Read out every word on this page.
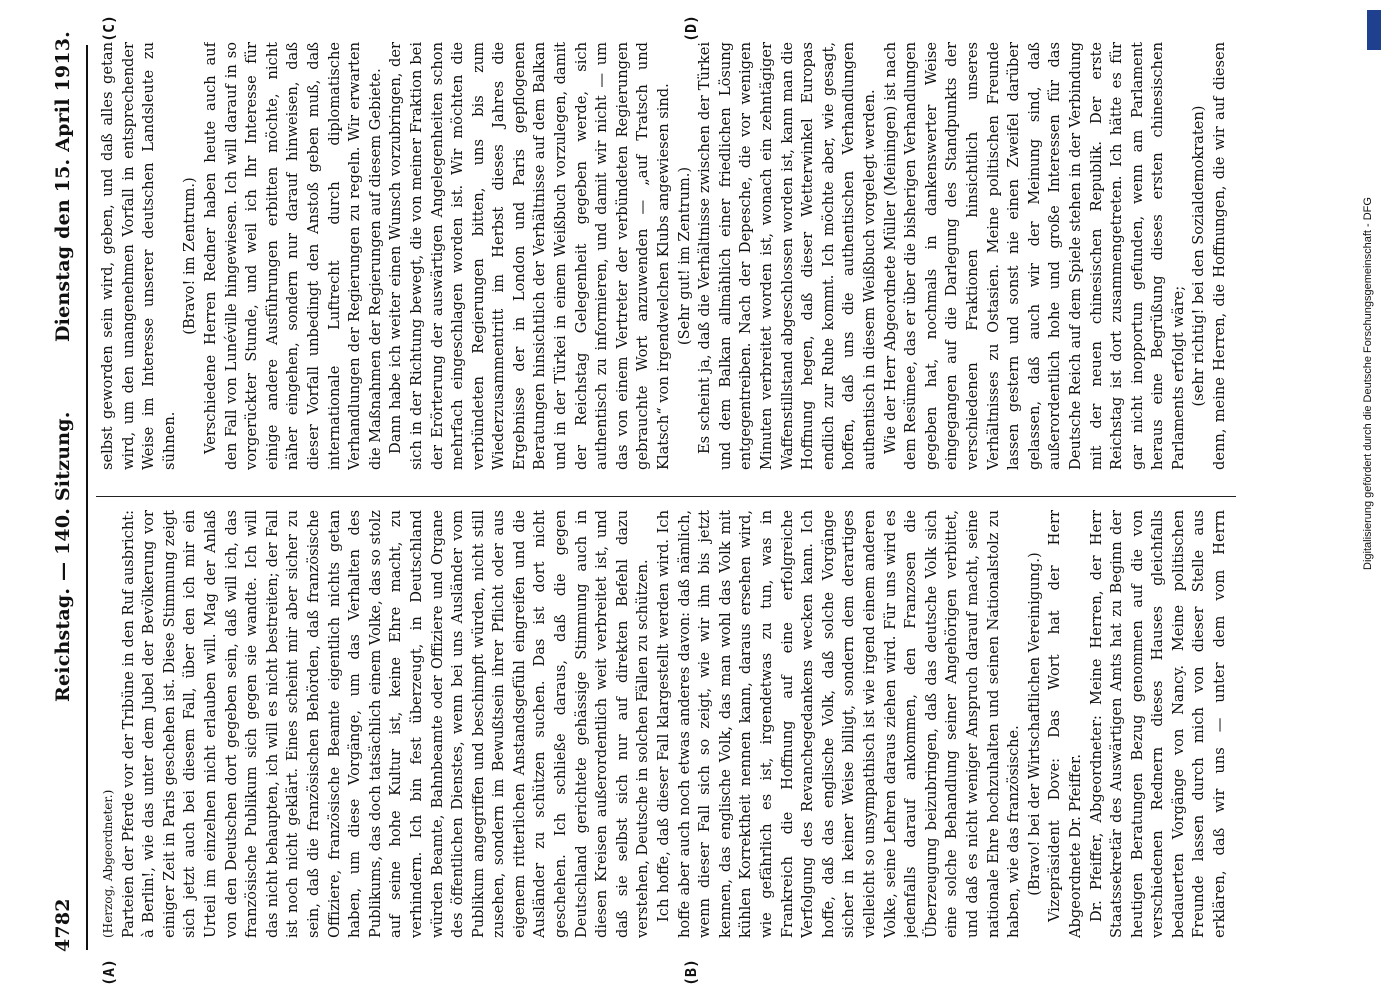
4782
Reichstag. — 140. Sitzung.
Dienstag den 15. April 1913.
(A)	(B)
(C)	(D)

(Herzog, Abgeordneter.) Parteien der Pferde vor der Tribüne in den Ruf ausbricht: à Berlin!, wie das unter dem Jubel der Bevölkerung vor einiger Zeit in Paris geschehen ist. Diese Stimmung zeigt sich jetzt auch bei diesem Fall, über den ich mir ein Urteil im einzelnen nicht erlauben will. Mag der Anlaß von den Deutschen dort gegeben sein, daß will ich, das französische Publikum sich gegen sie wandte. Ich will das nicht behaupten, ich will es nicht bestreiten; der Fall ist noch nicht geklärt. Eines scheint mir aber sicher zu sein, daß die französischen Behörden, daß französische Offiziere, französische Beamte eigentlich nichts getan haben, um diese Vorgänge, um das Verhalten des Publikums, das doch tatsächlich einem Volke, das so stolz auf seine hohe Kultur ist, keine Ehre macht, zu verhindern. Ich bin fest überzeugt, in Deutschland würden Beamte, Bahnbeamte oder Offiziere und Organe des öffentlichen Dienstes, wenn bei uns Ausländer vom Publikum angegriffen und beschimpft würden, nicht still zusehen, sondern im Bewußtsein ihrer Pflicht oder aus eigenem ritterlichen Anstandsgefühl eingreifen und die Ausländer zu schützen suchen. Das ist dort nicht geschehen. Ich schließe daraus, daß die gegen Deutschland gerichtete gehässige Stimmung auch in diesen Kreisen außerordentlich weit verbreitet ist, und daß sie selbst sich nur auf direkten Befehl dazu verstehen, Deutsche in solchen Fällen zu schützen. Ich hoffe, daß dieser Fall klargestellt werden wird. Ich hoffe aber auch noch etwas anderes davon: daß nämlich, wenn dieser Fall sich so zeigt, wie wir ihn bis jetzt kennen, das englische Volk, das man wohl das Volk mit kühlen Korrektheit nennen kann, daraus ersehen wird, wie gefährlich es ist, irgendetwas zu tun, was in Frankreich die Hoffnung auf eine erfolgreiche Verfolgung des Revanchegedankens wecken kann. Ich hoffe, daß das englische Volk, daß solche Vorgänge sicher in keiner Weise billigt, sondern dem derartiges vielleicht so unsympathisch ist wie irgend einem anderen Volke, seine Lehren daraus ziehen wird. Für uns wird es jedenfalls darauf ankommen, den Franzosen die Überzeugung beizubringen, daß das deutsche Volk sich eine solche Behandlung seiner Angehörigen verbittet, und daß es nicht weniger Anspruch darauf macht, seine nationale Ehre hochzuhalten und seinen Nationalstolz zu haben, wie das französische. (Bravo! bei der Wirtschaftlichen Vereinigung.) Vizepräsident Dove: Das Wort hat der Herr Abgeordnete Dr. Pfeiffer. Dr. Pfeiffer, Abgeordneter: Meine Herren, der Herr Staatssekretär des Auswärtigen Amts hat zu Beginn der heutigen Beratungen Bezug genommen auf die von verschiedenen Rednern dieses Hauses gleichfalls bedauerten Vorgänge von Nancy. Meine politischen Freunde lassen durch mich von dieser Stelle aus erklären, daß wir uns — unter dem vom Herrn

selbst geworden sein wird, geben, und daß alles getan wird, um den unangenehmen Vorfall in entsprechender Weise im Interesse unserer deutschen Landsleute zu sühnen.

(Bravo! im Zentrum.) Verschiedene Herren Redner haben heute auch auf den Fall von Lunéville hingewiesen. Ich will darauf in so vorgerückter Stunde, und weil ich Ihr Interesse für einige andere Ausführungen erbitten möchte, nicht näher eingehen, sondern nur darauf hinweisen, daß dieser Vorfall unbedingt den Anstoß geben muß, daß internationale Luftrecht durch diplomatische Verhandlungen der Regierungen zu regeln. Wir erwarten die Maßnahmen der Regierungen auf diesem Gebiete. Dann habe ich weiter einen Wunsch vorzubringen, der sich in der Richtung bewegt, die von meiner Fraktion bei der Erörterung der auswärtigen Angelegenheiten schon mehrfach eingeschlagen worden ist. Wir möchten die verbündeten Regierungen bitten, uns bis zum Wiederzusammentritt im Herbst dieses Jahres die Ergebnisse der in London und Paris gepflogenen Beratungen hinsichtlich der Verhältnisse auf dem Balkan und in der Türkei in einem Weißbuch vorzulegen, damit der Reichstag Gelegenheit gegeben werde, sich authentisch zu informieren, und damit wir nicht — um das von einem Vertreter der verbündeten Regierungen gebrauchte Wort anzuwenden — „auf Tratsch und Klatsch“ von irgendwelchen Klubs angewiesen sind. (Sehr gut! im Zentrum.) Es scheint ja, daß die Verhältnisse zwischen der Türkei und dem Balkan allmählich einer friedlichen Lösung entgegentreiben. Nach der Depesche, die vor wenigen Minuten verbreitet worden ist, wonach ein zehntägiger Waffenstillstand abgeschlossen worden ist, kann man die Hoffnung hegen, daß dieser Wetterwinkel Europas endlich zur Ruhe kommt. Ich möchte aber, wie gesagt, hoffen, daß uns die authentischen Verhandlungen authentisch in diesem Weißbuch vorgelegt werden. Wie der Herr Abgeordnete Müller (Meiningen) ist nach dem Resümee, das er über die bisherigen Verhandlungen gegeben hat, nochmals in dankenswerter Weise eingegangen auf die Darlegung des Standpunkts der verschiedenen Fraktionen hinsichtlich unseres Verhältnisses zu Ostasien. Meine politischen Freunde lassen gestern und sonst nie einen Zweifel darüber gelassen, daß auch wir der Meinung sind, daß außerordentlich hohe und große Interessen für das Deutsche Reich auf dem Spiele stehen in der Verbindung mit der neuen chinesischen Republik. Der erste Reichstag ist dort zusammengetreten. Ich hätte es für gar nicht inopportun gefunden, wenn am Parlament heraus eine Begrüßung dieses ersten chinesischen Parlaments erfolgt wäre; (sehr richtig! bei den Sozialdemokraten)

denn, meine Herren, die Hoffnungen, die wir auf diesen

Digitalisierung gefördert durch die Deutsche Forschungsgemeinschaft - DFG
